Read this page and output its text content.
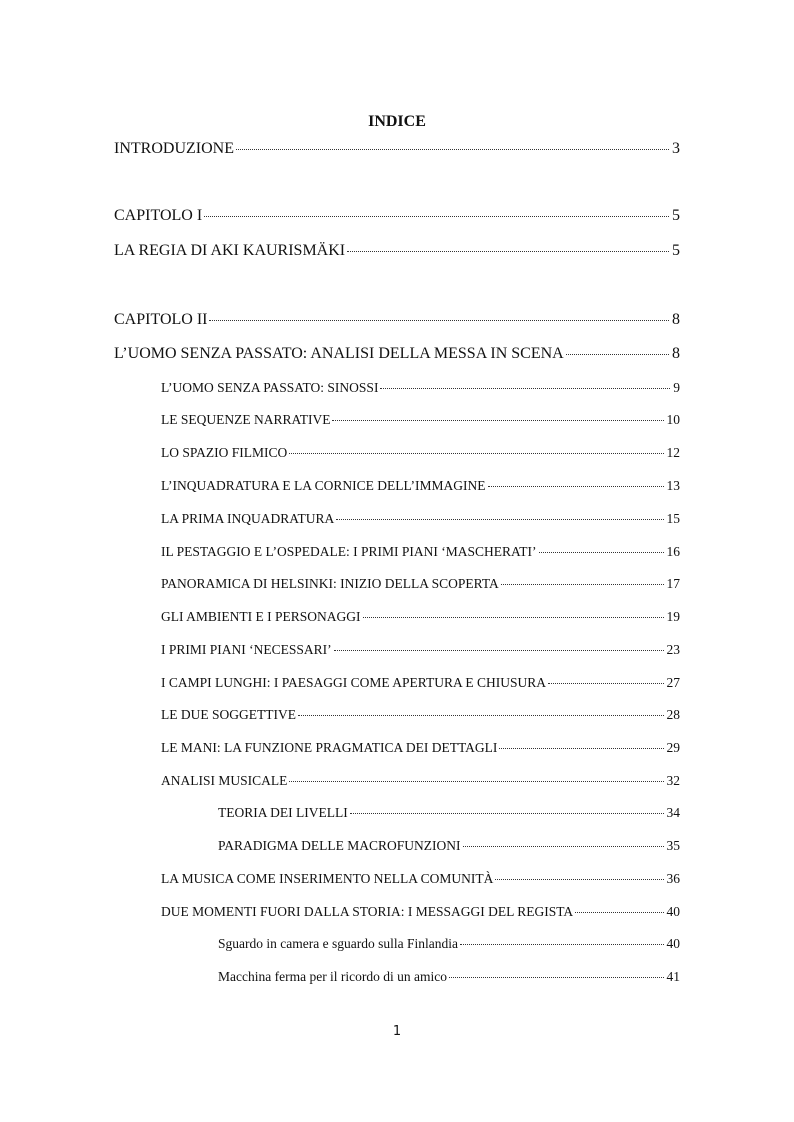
INDICE
INTRODUZIONE	3
CAPITOLO I	5
LA REGIA DI AKI KAURISMÄKI	5
CAPITOLO II	8
L’UOMO SENZA PASSATO: ANALISI DELLA MESSA IN SCENA	8
L’UOMO SENZA PASSATO: SINOSSI	9
LE SEQUENZE NARRATIVE	10
LO SPAZIO FILMICO	12
L’INQUADRATURA E LA CORNICE DELL’IMMAGINE	13
LA PRIMA INQUADRATURA	15
IL PESTAGGIO E L’OSPEDALE: I PRIMI PIANI ‘MASCHERATI’	16
PANORAMICA DI HELSINKI: INIZIO DELLA SCOPERTA	17
GLI AMBIENTI E I PERSONAGGI	19
I PRIMI PIANI ‘NECESSARI’	23
I CAMPI LUNGHI: I PAESAGGI COME APERTURA E CHIUSURA	27
LE DUE SOGGETTIVE	28
LE MANI: LA FUNZIONE PRAGMATICA DEI DETTAGLI	29
ANALISI MUSICALE	32
TEORIA DEI LIVELLI	34
PARADIGMA DELLE MACROFUNZIONI	35
LA MUSICA COME INSERIMENTO NELLA COMUNITÀ	36
DUE MOMENTI FUORI DALLA STORIA: I MESSAGGI DEL REGISTA	40
Sguardo in camera e sguardo sulla Finlandia	40
Macchina ferma per il ricordo di un amico	41
1
